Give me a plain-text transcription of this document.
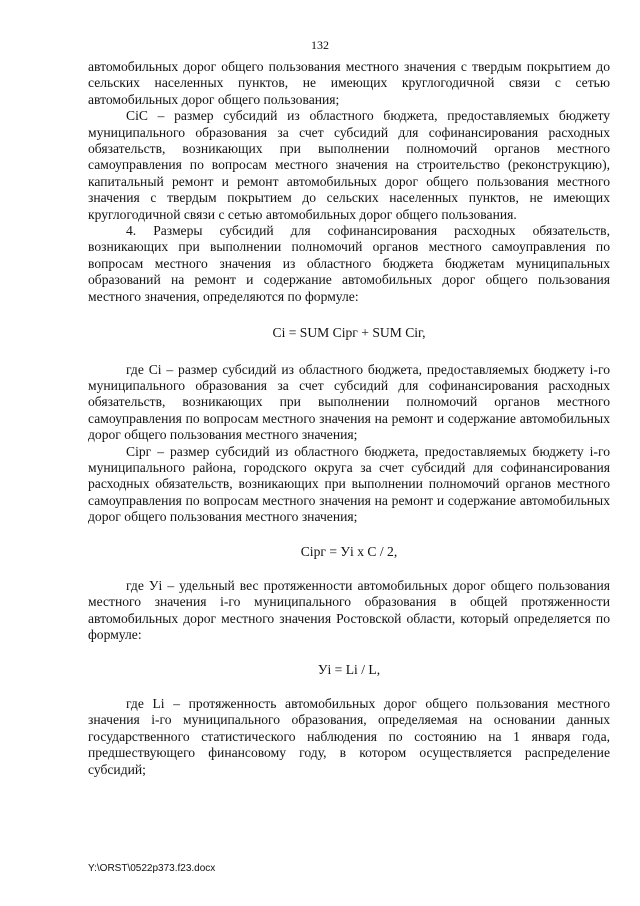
132

автомобильных дорог общего пользования местного значения с твердым покрытием до сельских населенных пунктов, не имеющих круглогодичной связи с сетью автомобильных дорог общего пользования;

СiС – размер субсидий из областного бюджета, предоставляемых бюджету муниципального образования за счет субсидий для софинансирования расходных обязательств, возникающих при выполнении полномочий органов местного самоуправления по вопросам местного значения на строительство (реконструкцию), капитальный ремонт и ремонт автомобильных дорог общего пользования местного значения с твердым покрытием до сельских населенных пунктов, не имеющих круглогодичной связи с сетью автомобильных дорог общего пользования.

4. Размеры субсидий для софинансирования расходных обязательств, возникающих при выполнении полномочий органов местного самоуправления по вопросам местного значения из областного бюджета бюджетам муниципальных образований на ремонт и содержание автомобильных дорог общего пользования местного значения, определяются по формуле:

Сi = SUM Сiрг + SUM Сiг,

где Сi – размер субсидий из областного бюджета, предоставляемых бюджету i-го муниципального образования за счет субсидий для софинансирования расходных обязательств, возникающих при выполнении полномочий органов местного самоуправления по вопросам местного значения на ремонт и содержание автомобильных дорог общего пользования местного значения;

Сiрг – размер субсидий из областного бюджета, предоставляемых бюджету i-го муниципального района, городского округа за счет субсидий для софинансирования расходных обязательств, возникающих при выполнении полномочий органов местного самоуправления по вопросам местного значения на ремонт и содержание автомобильных дорог общего пользования местного значения;

Сiрг = Уi x С / 2,

где Уi – удельный вес протяженности автомобильных дорог общего пользования местного значения i-го муниципального образования в общей протяженности автомобильных дорог местного значения Ростовской области, который определяется по формуле:

Уi = Li / L,

где Li – протяженность автомобильных дорог общего пользования местного значения i-го муниципального образования, определяемая на основании данных государственного статистического наблюдения по состоянию на 1 января года, предшествующего финансовому году, в котором осуществляется распределение субсидий;

Y:\ORST\0522p373.f23.docx
